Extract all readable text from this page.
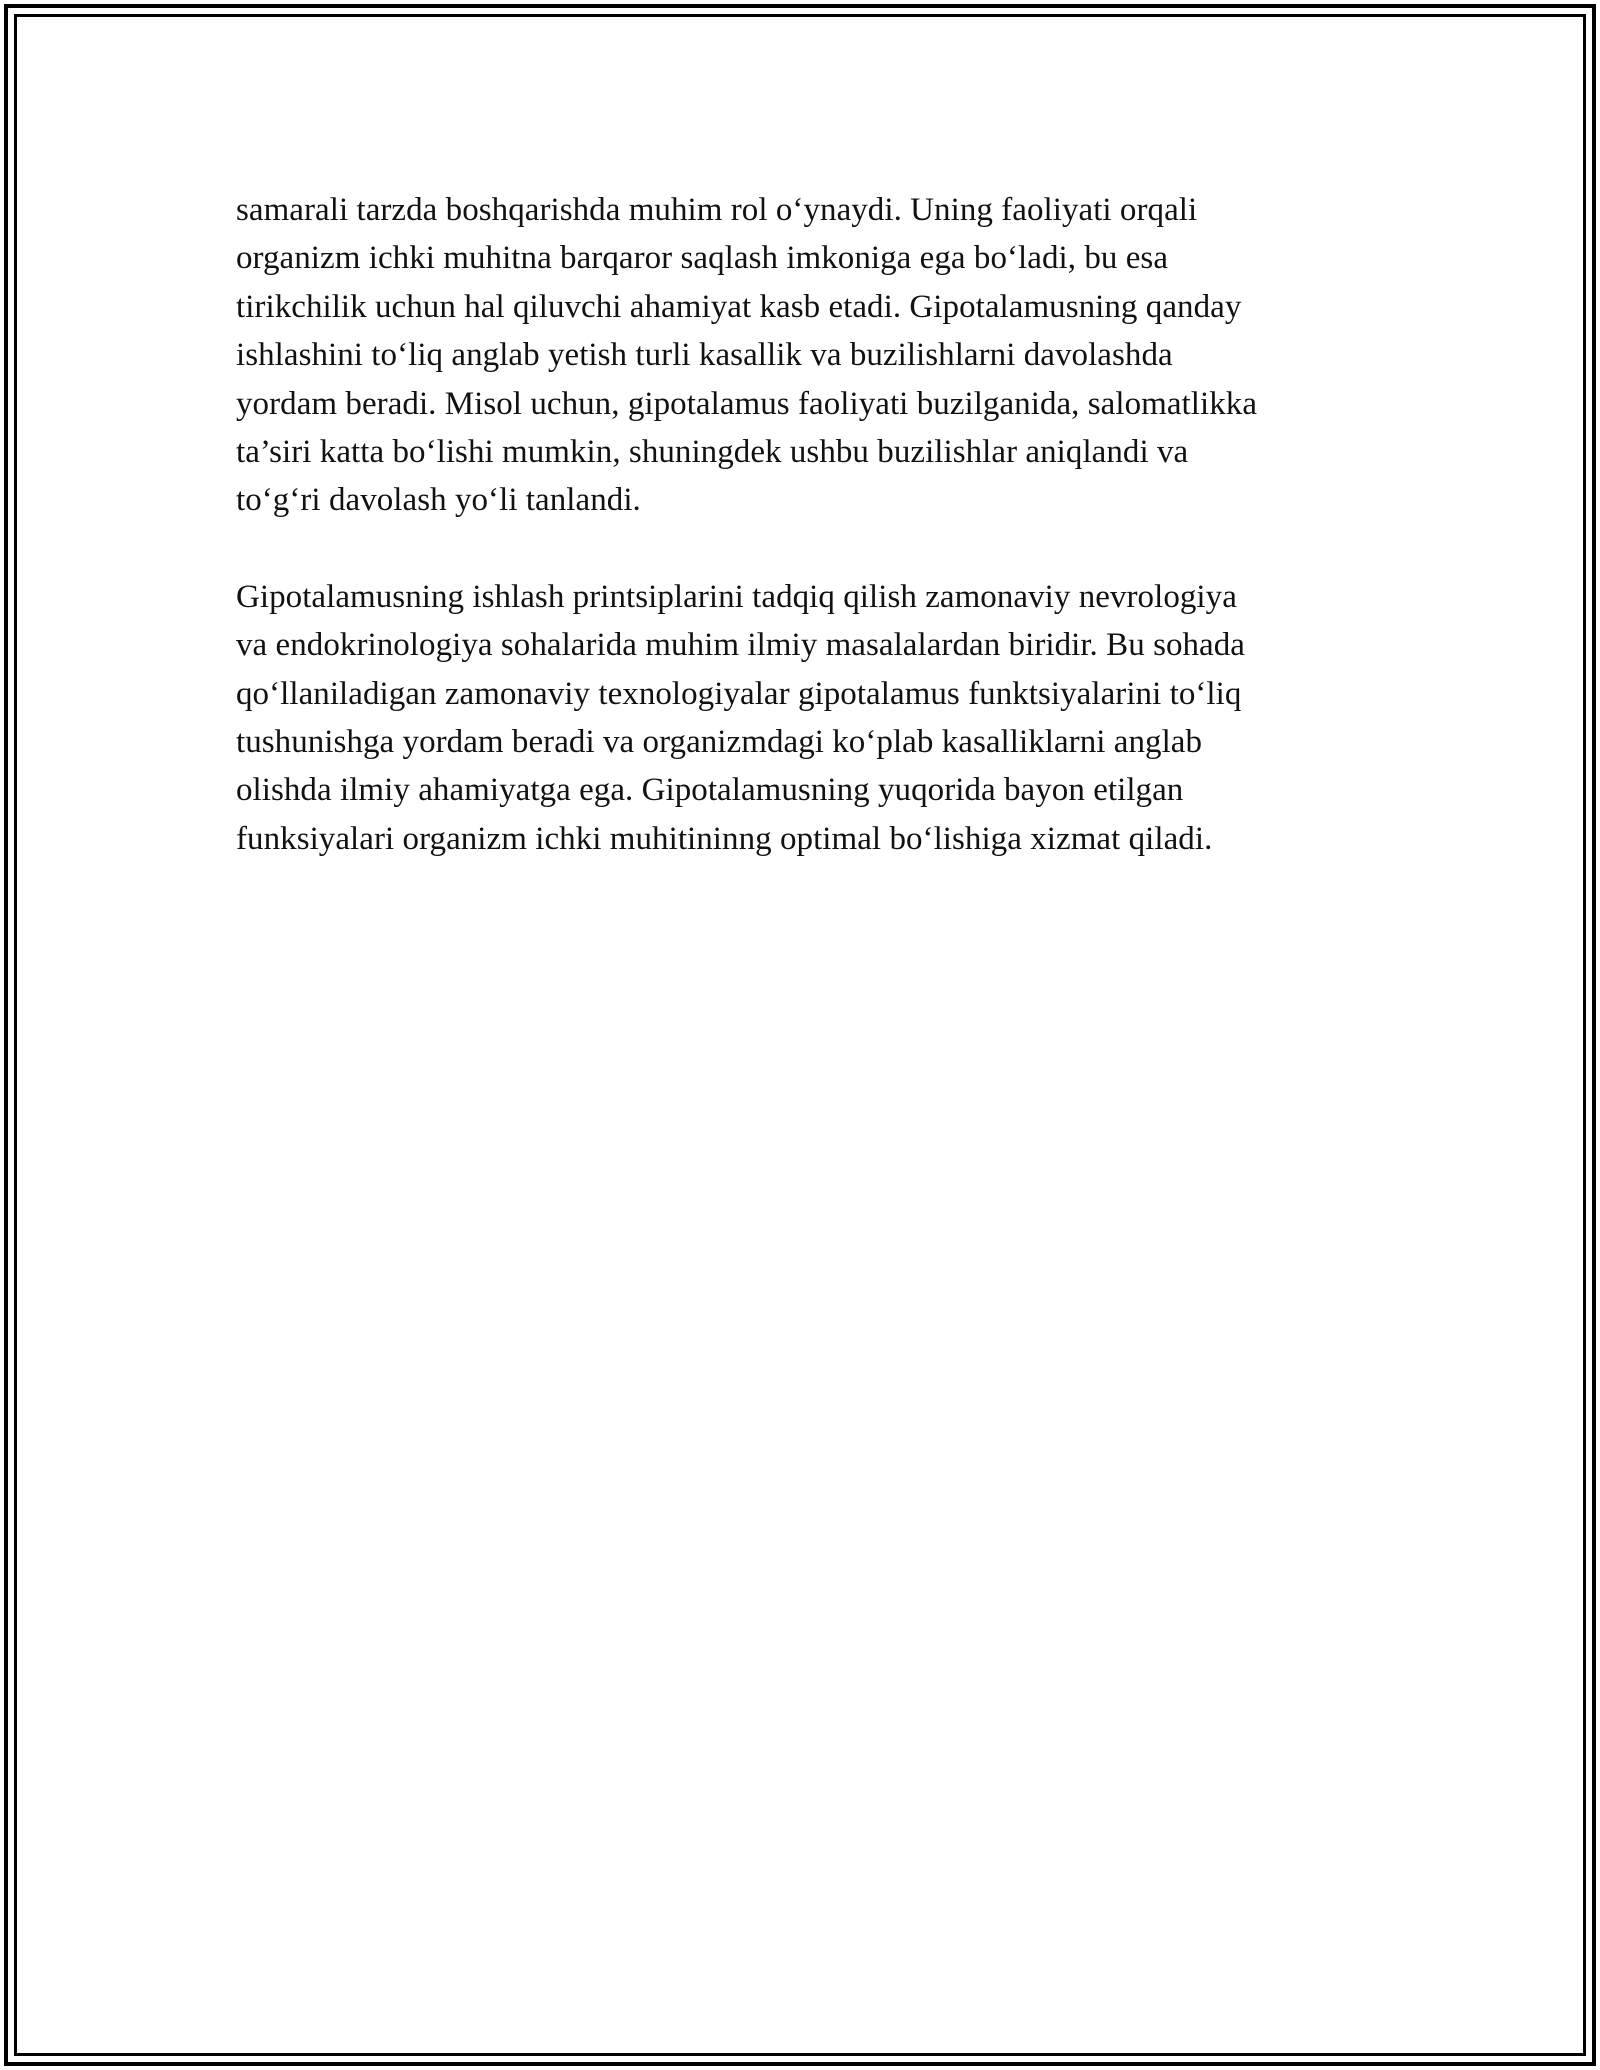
samarali tarzda boshqarishda muhim rol o‘ynaydi. Uning faoliyati orqali
organizm ichki muhitna barqaror saqlash imkoniga ega bo‘ladi, bu esa
tirikchilik uchun hal qiluvchi ahamiyat kasb etadi. Gipotalamusning qanday
ishlashini to‘liq anglab yetish turli kasallik va buzilishlarni davolashda
yordam beradi. Misol uchun, gipotalamus faoliyati buzilganida, salomatlikka
ta’siri katta bo‘lishi mumkin, shuningdek ushbu buzilishlar aniqlandi va
to‘g‘ri davolash yo‘li tanlandi.

Gipotalamusning ishlash printsiplarini tadqiq qilish zamonaviy nevrologiya
va endokrinologiya sohalarida muhim ilmiy masalalardan biridir. Bu sohada
qo‘llaniladigan zamonaviy texnologiyalar gipotalamus funktsiyalarini to‘liq
tushunishga yordam beradi va organizmdagi ko‘plab kasalliklarni anglab
olishda ilmiy ahamiyatga ega. Gipotalamusning yuqorida bayon etilgan
funksiyalari organizm ichki muhitininng optimal bo‘lishiga xizmat qiladi.
